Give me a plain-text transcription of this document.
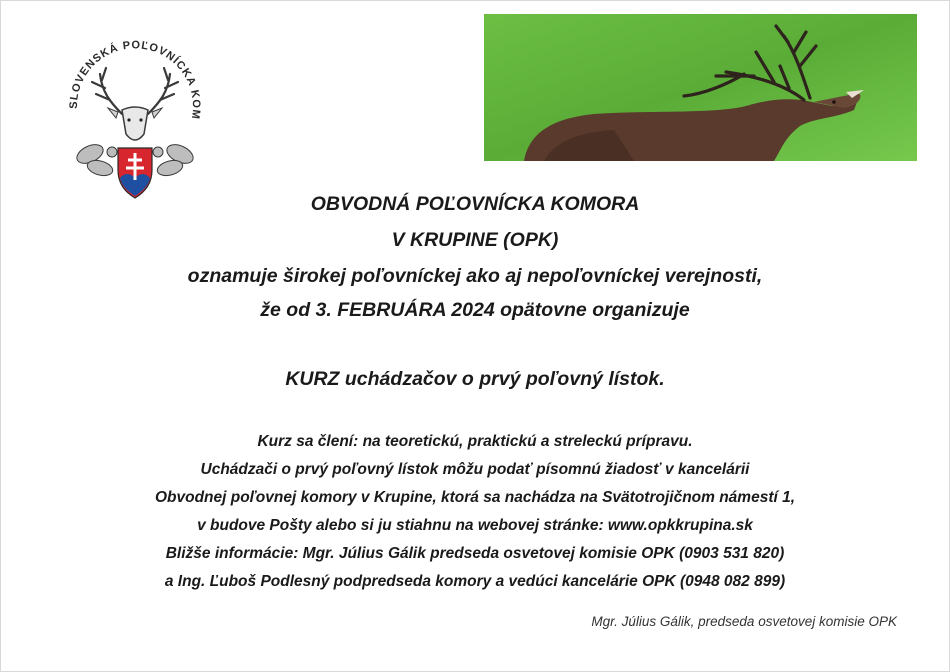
SLOVENSKÁ POĽOVNÍCKA KOM
OBVODNÁ POĽOVNÍCKA KOMORA
V KRUPINE (OPK)
oznamuje širokej poľovníckej ako aj nepoľovníckej verejnosti,
že od 3. FEBRUÁRA 2024 opätovne organizuje
KURZ uchádzačov o prvý poľovný lístok.
Kurz sa člení: na teoretickú, praktickú a streleckú prípravu.
Uchádzači o prvý poľovný lístok môžu podať písomnú žiadosť v kancelárii
Obvodnej poľovnej komory v Krupine, ktorá sa nachádza na Svätotrojičnom námestí 1,
v budove Pošty alebo si ju stiahnu na webovej stránke: www.opkkrupina.sk
Bližše informácie: Mgr. Július Gálik predseda osvetovej komisie OPK (0903 531 820)
a Ing. Ľuboš Podlesný podpredseda komory a vedúci kancelárie OPK (0948 082 899)
Mgr. Július Gálik, predseda osvetovej komisie OPK
